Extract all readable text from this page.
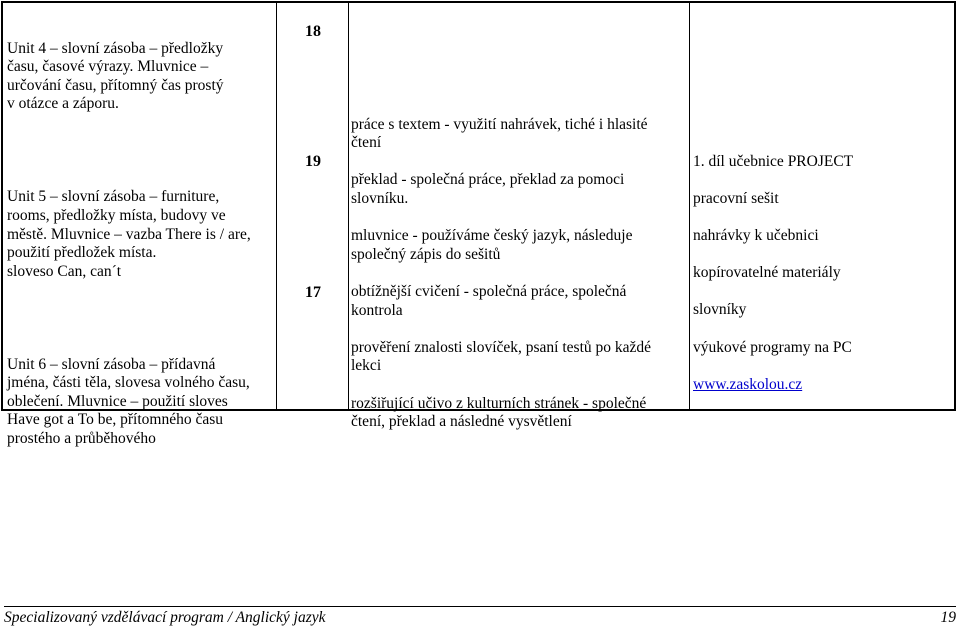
Unit 4 – slovní zásoba – předložky
času, časové výrazy. Mluvnice –
určování času, přítomný čas prostý
v otázce a záporu.

Unit 5 – slovní zásoba – furniture,
rooms, předložky místa, budovy ve
městě. Mluvnice – vazba There is / are,
použití předložek místa.
sloveso Can, can´t

Unit 6 – slovní zásoba – přídavná
jména, části těla, slovesa volného času,
oblečení. Mluvnice – použití sloves
Have got a To be, přítomného času
prostého a průběhového

18
19
17

práce s textem - využití nahrávek, tiché i hlasité
čtení

překlad - společná práce, překlad za pomoci
slovníku.

mluvnice - používáme český jazyk, následuje
společný zápis do sešitů

obtížnější cvičení - společná práce, společná
kontrola

prověření znalosti slovíček, psaní testů po každé
lekci

rozšiřující učivo z kulturních stránek - společné
čtení, překlad a následné vysvětlení

1. díl učebnice PROJECT

pracovní sešit

nahrávky k učebnici

kopírovatelné materiály

slovníky

výukové programy na PC

www.zaskolou.cz

Specializovaný vzdělávací program / Anglický jazyk	19
